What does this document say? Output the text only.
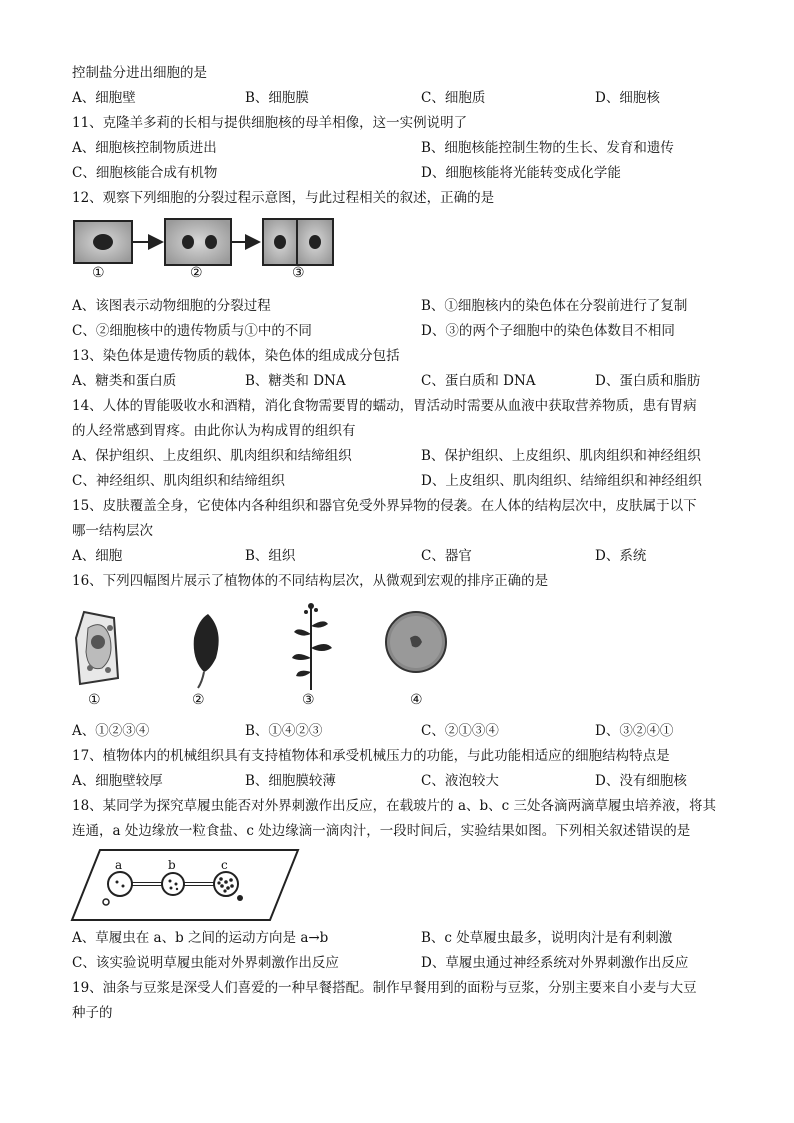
控制盐分进出细胞的是
A、细胞壁	B、细胞膜	C、细胞质	D、细胞核
11、克隆羊多莉的长相与提供细胞核的母羊相像，这一实例说明了
A、细胞核控制物质进出	B、细胞核能控制生物的生长、发育和遗传
C、细胞核能合成有机物	D、细胞核能将光能转变成化学能
12、观察下列细胞的分裂过程示意图，与此过程相关的叙述，正确的是
①	②	③
A、该图表示动物细胞的分裂过程	B、①细胞核内的染色体在分裂前进行了复制
C、②细胞核中的遗传物质与①中的不同	D、③的两个子细胞中的染色体数目不相同
13、染色体是遗传物质的载体，染色体的组成成分包括
A、糖类和蛋白质	B、糖类和 DNA	C、蛋白质和 DNA	D、蛋白质和脂肪
14、人体的胃能吸收水和酒精，消化食物需要胃的蠕动，胃活动时需要从血液中获取营养物质，患有胃病
的人经常感到胃疼。由此你认为构成胃的组织有
A、保护组织、上皮组织、肌肉组织和结缔组织	B、保护组织、上皮组织、肌肉组织和神经组织
C、神经组织、肌肉组织和结缔组织	D、上皮组织、肌肉组织、结缔组织和神经组织
15、皮肤覆盖全身，它使体内各种组织和器官免受外界异物的侵袭。在人体的结构层次中，皮肤属于以下
哪一结构层次
A、细胞	B、组织	C、器官	D、系统
16、下列四幅图片展示了植物体的不同结构层次，从微观到宏观的排序正确的是
①	②	③	④
A、①②③④	B、①④②③	C、②①③④	D、③②④①
17、植物体内的机械组织具有支持植物体和承受机械压力的功能，与此功能相适应的细胞结构特点是
A、细胞壁较厚	B、细胞膜较薄	C、液泡较大	D、没有细胞核
18、某同学为探究草履虫能否对外界刺激作出反应，在载玻片的 a、b、c 三处各滴两滴草履虫培养液，将其
连通，a 处边缘放一粒食盐、c 处边缘滴一滴肉汁，一段时间后，实验结果如图。下列相关叙述错误的是
a	b	c
A、草履虫在 a、b 之间的运动方向是 a→b	B、c 处草履虫最多，说明肉汁是有利刺激
C、该实验说明草履虫能对外界刺激作出反应	D、草履虫通过神经系统对外界刺激作出反应
19、油条与豆浆是深受人们喜爱的一种早餐搭配。制作早餐用到的面粉与豆浆，分别主要来自小麦与大豆
种子的
